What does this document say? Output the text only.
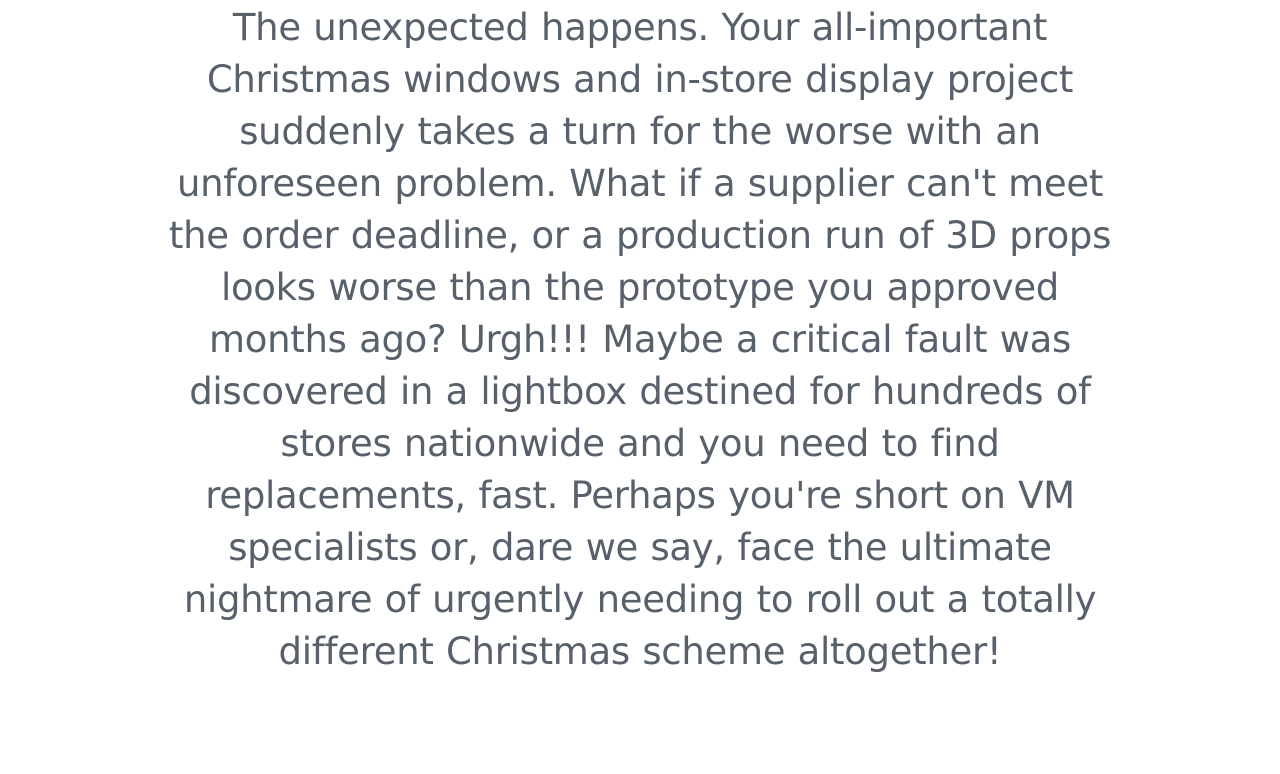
The unexpected happens. Your all-important
Christmas windows and in-store display project
suddenly takes a turn for the worse with an
unforeseen problem. What if a supplier can't meet
the order deadline, or a production run of 3D props
looks worse than the prototype you approved
months ago? Urgh!!! Maybe a critical fault was
discovered in a lightbox destined for hundreds of
stores nationwide and you need to find
replacements, fast. Perhaps you're short on VM
specialists or, dare we say, face the ultimate
nightmare of urgently needing to roll out a totally
different Christmas scheme altogether!
